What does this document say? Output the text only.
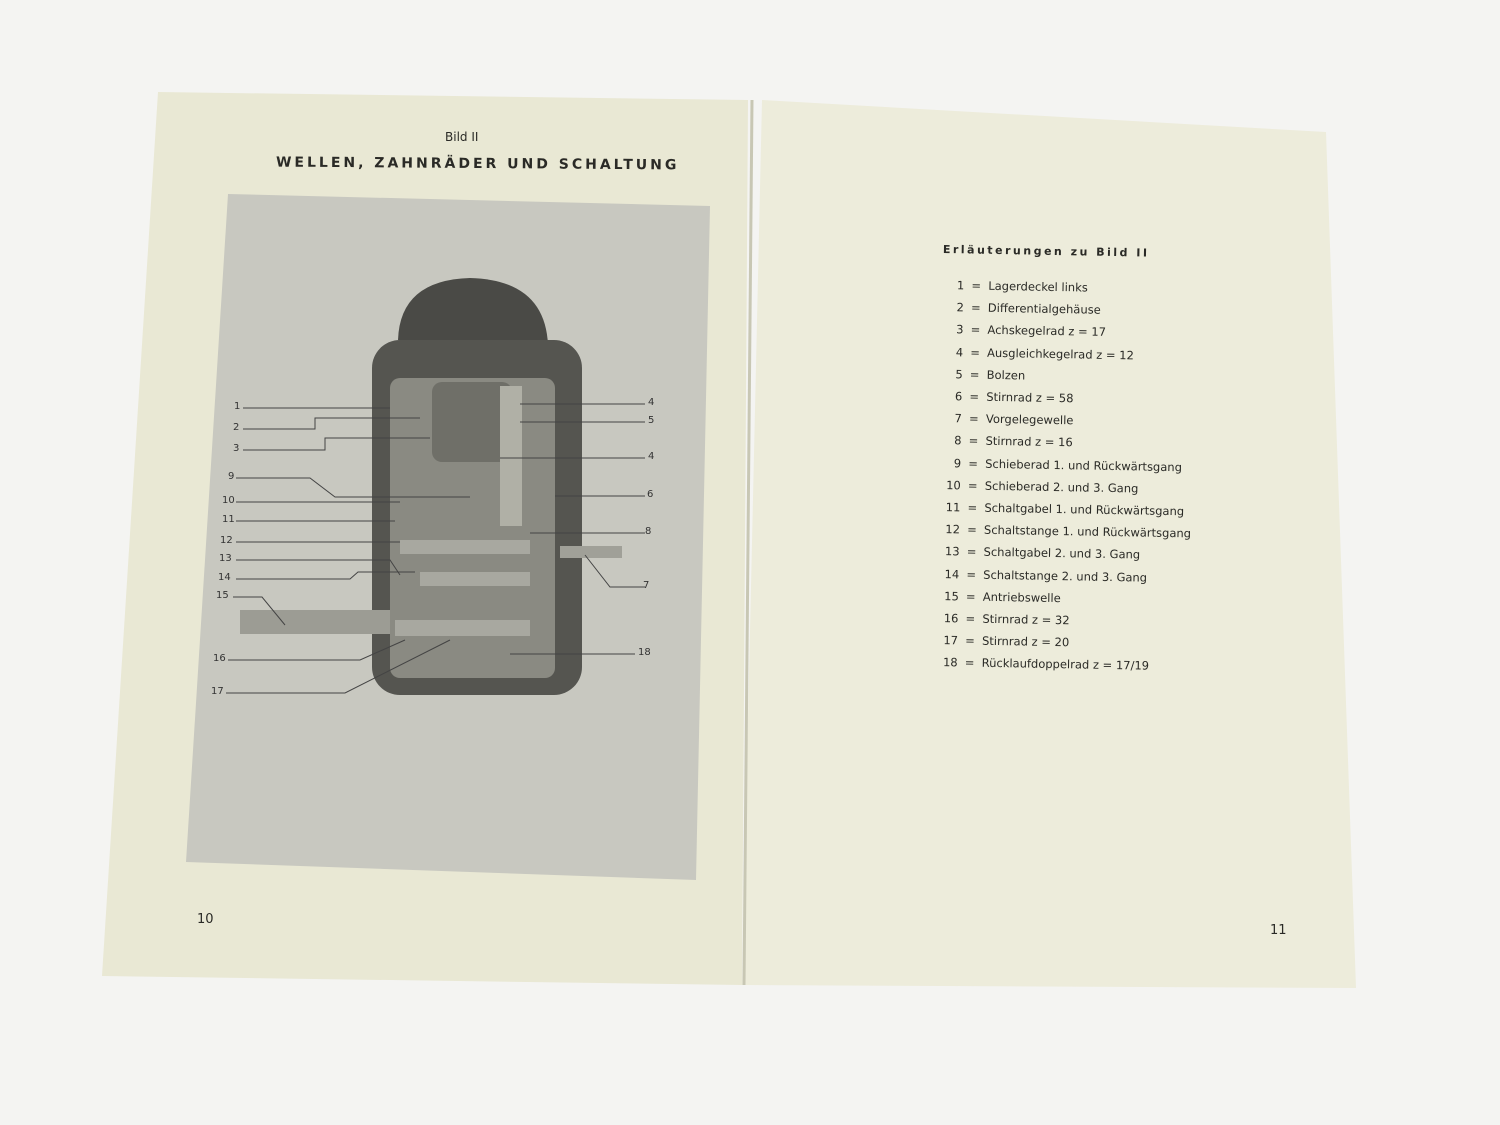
Bild II
WELLEN, ZAHNRÄDER UND SCHALTUNG
1
2
3
9
10
11
12
13
14
15
16
17
4
5
4
6
8
7
18
10
Erläuterungen zu Bild II
1 = Lagerdeckel links
2 = Differentialgehäuse
3 = Achskegelrad z = 17
4 = Ausgleichkegelrad z = 12
5 = Bolzen
6 = Stirnrad z = 58
7 = Vorgelegewelle
8 = Stirnrad z = 16
9 = Schieberad 1. und Rückwärtsgang
10 = Schieberad 2. und 3. Gang
11 = Schaltgabel 1. und Rückwärtsgang
12 = Schaltstange 1. und Rückwärtsgang
13 = Schaltgabel 2. und 3. Gang
14 = Schaltstange 2. und 3. Gang
15 = Antriebswelle
16 = Stirnrad z = 32
17 = Stirnrad z = 20
18 = Rücklaufdoppelrad z = 17/19
11
